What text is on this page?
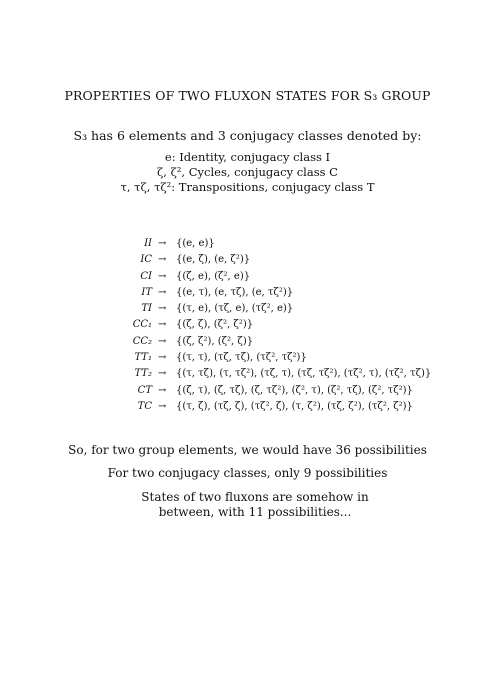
PROPERTIES OF TWO FLUXON STATES FOR S₃ GROUP
S₃ has 6 elements and 3 conjugacy classes denoted by:
e: Identity, conjugacy class I
ζ, ζ², Cycles, conjugacy class C
τ, τζ, τζ²: Transpositions, conjugacy class T
II → {(e, e)}
IC → {(e, ζ), (e, ζ²)}
CI → {(ζ, e), (ζ², e)}
IT → {(e, τ), (e, τζ), (e, τζ²)}
TI → {(τ, e), (τζ, e), (τζ², e)}
CC₁ → {(ζ, ζ), (ζ², ζ²)}
CC₂ → {(ζ, ζ²), (ζ², ζ)}
TT₁ → {(τ, τ), (τζ, τζ), (τζ², τζ²)}
TT₂ → {(τ, τζ), (τ, τζ²), (τζ, τ), (τζ, τζ²), (τζ², τ), (τζ², τζ)}
CT → {(ζ, τ), (ζ, τζ), (ζ, τζ²), (ζ², τ), (ζ², τζ), (ζ², τζ²)}
TC → {(τ, ζ), (τζ, ζ), (τζ², ζ), (τ, ζ²), (τζ, ζ²), (τζ², ζ²)}
So, for two group elements, we would have 36 possibilities
For two conjugacy classes, only 9 possibilities
States of two fluxons are somehow in between, with 11 possibilities...
